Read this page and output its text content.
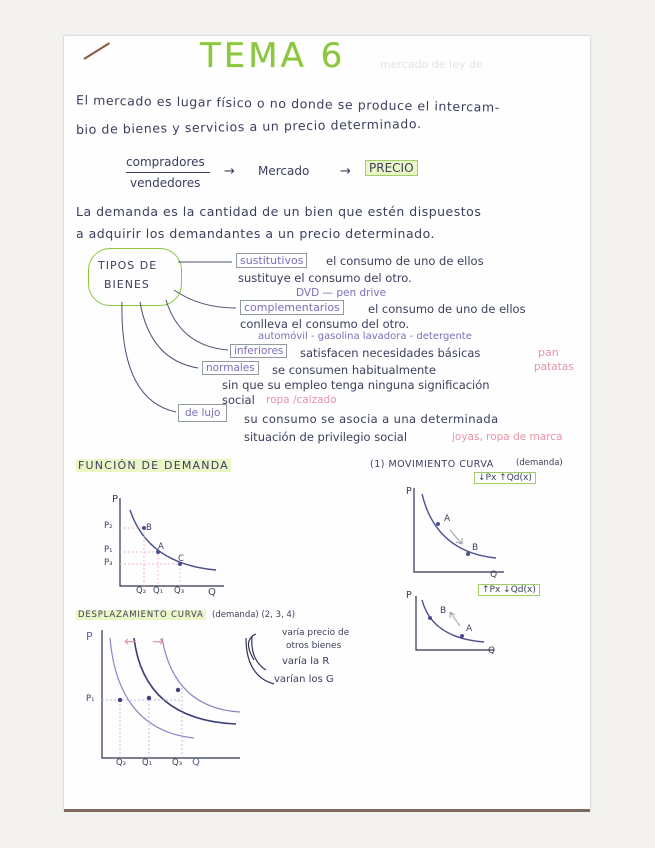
TEMA 6	mercado de ley de
El mercado es lugar físico o no donde se produce el intercam-
bio de bienes y servicios a un precio determinado.
compradores
vendedores
→ Mercado →	PRECIO
La demanda es la cantidad de un bien que estén dispuestos
a adquirir los demandantes a un precio determinado.
TIPOS DE
BIENES
sustitutivos	el consumo de uno de ellos
sustituye el consumo del otro.
DVD — pen drive
complementarios	el consumo de uno de ellos
conlleva el consumo del otro.
automóvil - gasolina lavadora - detergente
inferiores	satisfacen necesidades básicas	pan
normales	se consumen habitualmente	patatas
sin que su empleo tenga ninguna significación
social ropa /calzado
de lujo	su consumo se asocia a una determinada
situación de privilegio social	joyas, ropa de marca
FUNCIÓN DE DEMANDA
P
Q
P₂
P₁
P₃
Q₂ Q₁ Q₃
A
B
C
(1) MOVIMIENTO CURVA	(demanda)
↓Px ↑Qd(x)
P
A
B
Q
↑Px ↓Qd(x)
P
B
A
Q
DESPLAZAMIENTO CURVA (demanda) (2, 3, 4)
← →
P
P₁
Q₂ Q₁ Q₃ Q
varía precio de
otros bienes
varía la R
varían los G
